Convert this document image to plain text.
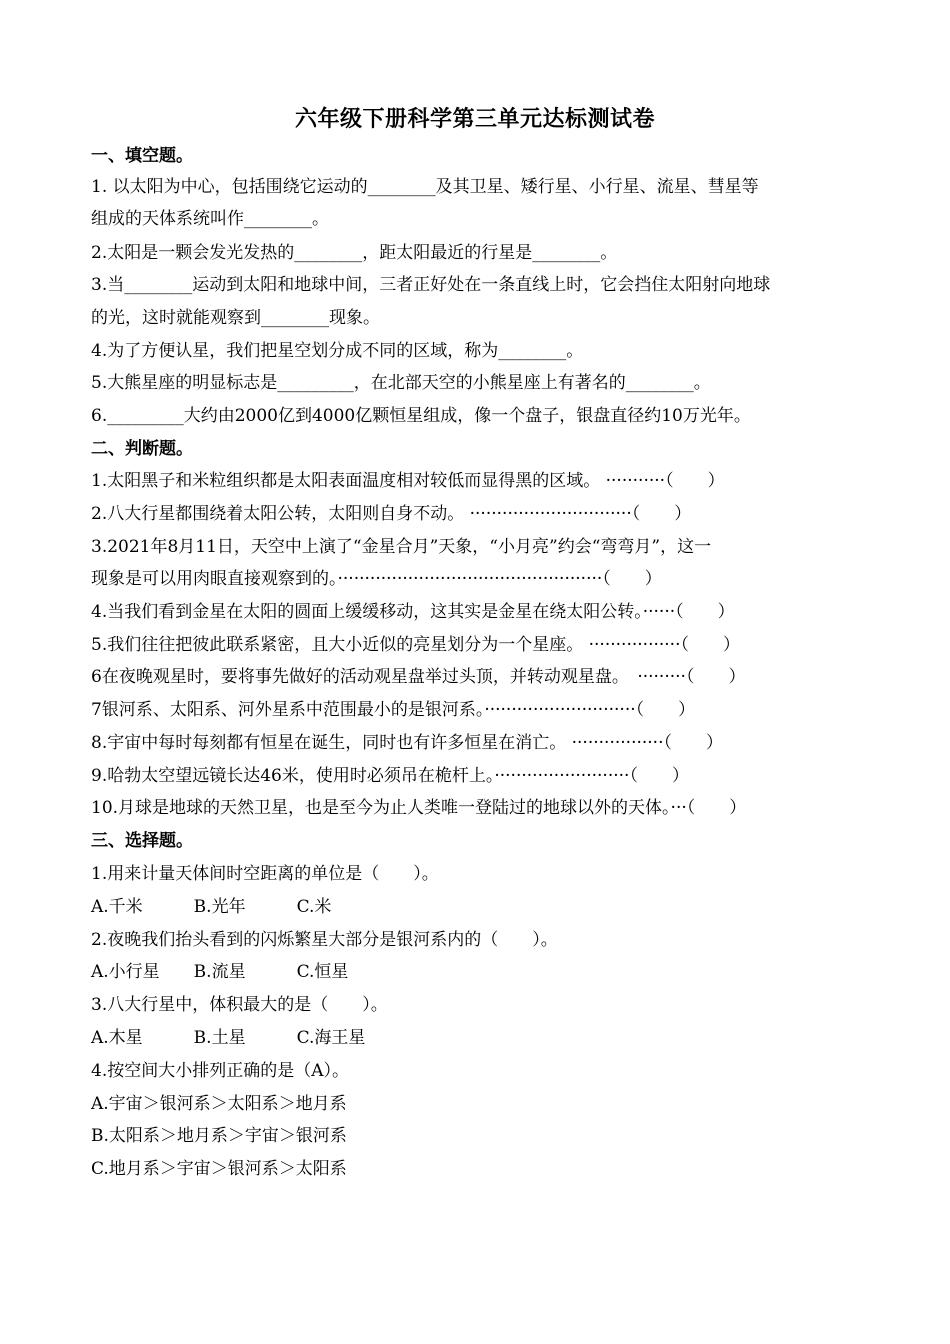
六年级下册科学第三单元达标测试卷
一、填空题。
1. 以太阳为中心，包括围绕它运动的________及其卫星、矮行星、小行星、流星、彗星等
组成的天体系统叫作________。
2.太阳是一颗会发光发热的________，距太阳最近的行星是________。
3.当________运动到太阳和地球中间，三者正好处在一条直线上时，它会挡住太阳射向地球
的光，这时就能观察到________现象。
4.为了方便认星，我们把星空划分成不同的区域，称为________。
5.大熊星座的明显标志是_________，在北部天空的小熊星座上有著名的________。
6._________大约由2000亿到4000亿颗恒星组成，像一个盘子，银盘直径约10万光年。
二、判断题。
1.太阳黑子和米粒组织都是太阳表面温度相对较低而显得黑的区域。 ···········（　　）
2.八大行星都围绕着太阳公转，太阳则自身不动。 ······························（　　）
3.2021年8月11日，天空中上演了“金星合月”天象，“小月亮”约会“弯弯月”，这一
现象是可以用肉眼直接观察到的。·················································（　　）
4.当我们看到金星在太阳的圆面上缓缓移动，这其实是金星在绕太阳公转。······（　　）
5.我们往往把彼此联系紧密，且大小近似的亮星划分为一个星座。 ·················（　　）
6在夜晚观星时，要将事先做好的活动观星盘举过头顶，并转动观星盘。　·········（　　）
7银河系、太阳系、河外星系中范围最小的是银河系。····························（　　）
8.宇宙中每时每刻都有恒星在诞生，同时也有许多恒星在消亡。 ·················（　　）
9.哈勃太空望远镜长达46米，使用时必须吊在桅杆上。·························（　　）
10.月球是地球的天然卫星，也是至今为止人类唯一登陆过的地球以外的天体。···（　　）
三、选择题。
1.用来计量天体间时空距离的单位是（　　）。
A.千米　　　B.光年　　　C.米
2.夜晚我们抬头看到的闪烁繁星大部分是银河系内的（　　）。
A.小行星　　B.流星　　　C.恒星
3.八大行星中，体积最大的是（　　）。
A.木星　　　B.土星　　　C.海王星
4.按空间大小排列正确的是（A）。
A.宇宙＞银河系＞太阳系＞地月系
B.太阳系＞地月系＞宇宙＞银河系
C.地月系＞宇宙＞银河系＞太阳系
